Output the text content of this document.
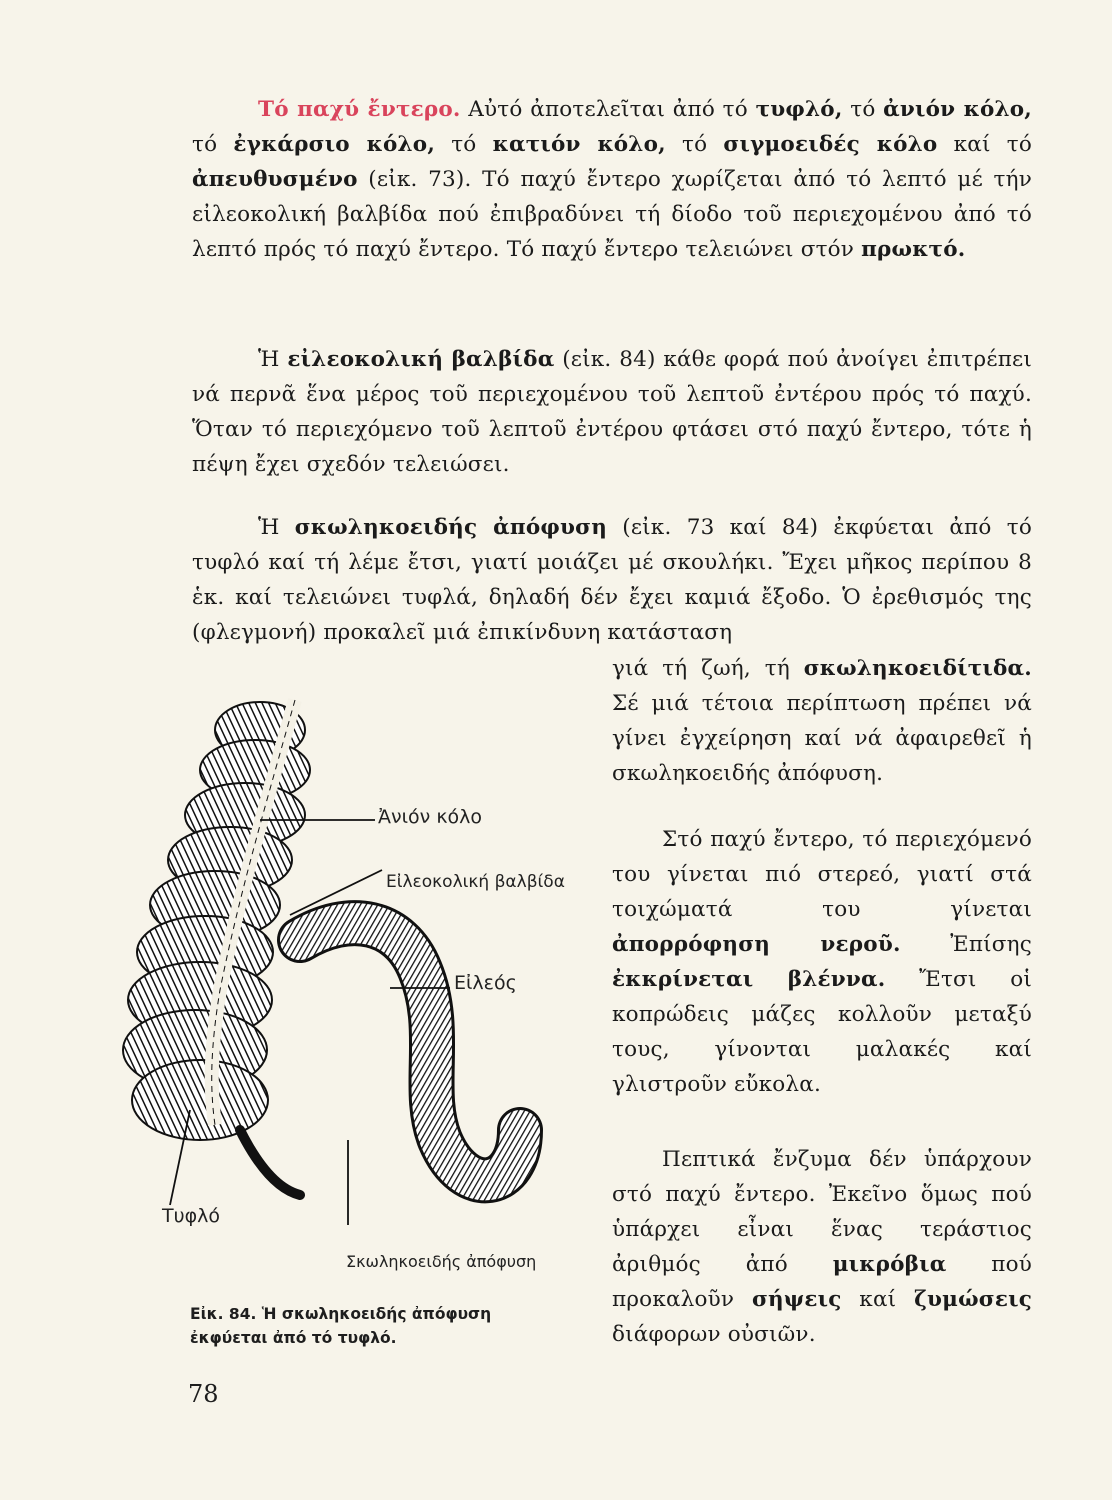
Τό παχύ ἔντερο. Αὐτό ἀποτελεῖται ἀπό τό τυφλό, τό ἀνιόν κόλο, τό ἐγκάρσιο κόλο, τό κατιόν κόλο, τό σιγμοειδές κόλο καί τό ἀπευθυσμένο (εἰκ. 73). Τό παχύ ἔντερο χωρίζεται ἀπό τό λεπτό μέ τήν εἰλεοκολική βαλβίδα πού ἐπιβραδύνει τή δίοδο τοῦ περιεχομένου ἀπό τό λεπτό πρός τό παχύ ἔντερο. Τό παχύ ἔντερο τελειώνει στόν πρωκτό.

Ἡ εἰλεοκολική βαλβίδα (εἰκ. 84) κάθε φορά πού ἀνοίγει ἐπιτρέπει νά περνᾶ ἕνα μέρος τοῦ περιεχομένου τοῦ λεπτοῦ ἐντέρου πρός τό παχύ. Ὅταν τό περιεχόμενο τοῦ λεπτοῦ ἐντέρου φτάσει στό παχύ ἔντερο, τότε ἡ πέψη ἔχει σχεδόν τελειώσει.

Ἡ σκωληκοειδής ἀπόφυση (εἰκ. 73 καί 84) ἐκφύεται ἀπό τό τυφλό καί τή λέμε ἔτσι, γιατί μοιάζει μέ σκουλήκι. Ἔχει μῆκος περίπου 8 ἑκ. καί τελειώνει τυφλά, δηλαδή δέν ἔχει καμιά ἔξοδο. Ὁ ἐρεθισμός της (φλεγμονή) προκαλεῖ μιά ἐπικίνδυνη κατάσταση

γιά τή ζωή, τή σκωληκοειδίτιδα. Σέ μιά τέτοια περίπτωση πρέπει νά γίνει ἐγχείρηση καί νά ἀφαιρεθεῖ ἡ σκωληκοειδής ἀπόφυση.

Στό παχύ ἔντερο, τό περιεχόμενό του γίνεται πιό στερεό, γιατί στά τοιχώματά του γίνεται ἀπορρόφηση νεροῦ. Ἐπίσης ἐκκρίνεται βλέννα. Ἔτσι οἱ κοπρώδεις μάζες κολλοῦν μεταξύ τους, γίνονται μαλακές καί γλιστροῦν εὔκολα.

Πεπτικά ἔνζυμα δέν ὑπάρχουν στό παχύ ἔντερο. Ἐκεῖνο ὅμως πού ὑπάρχει εἶναι ἕνας τεράστιος ἀριθμός ἀπό μικρόβια πού προκαλοῦν σήψεις καί ζυμώσεις διάφορων οὐσιῶν.

Ἀνιόν κόλο
Εἰλεοκολική βαλβίδα
Εἰλεός
Τυφλό
Σκωληκοειδής ἀπόφυση
Εἰκ. 84. Ἡ σκωληκοειδής ἀπόφυση
ἐκφύεται ἀπό τό τυφλό.
78
